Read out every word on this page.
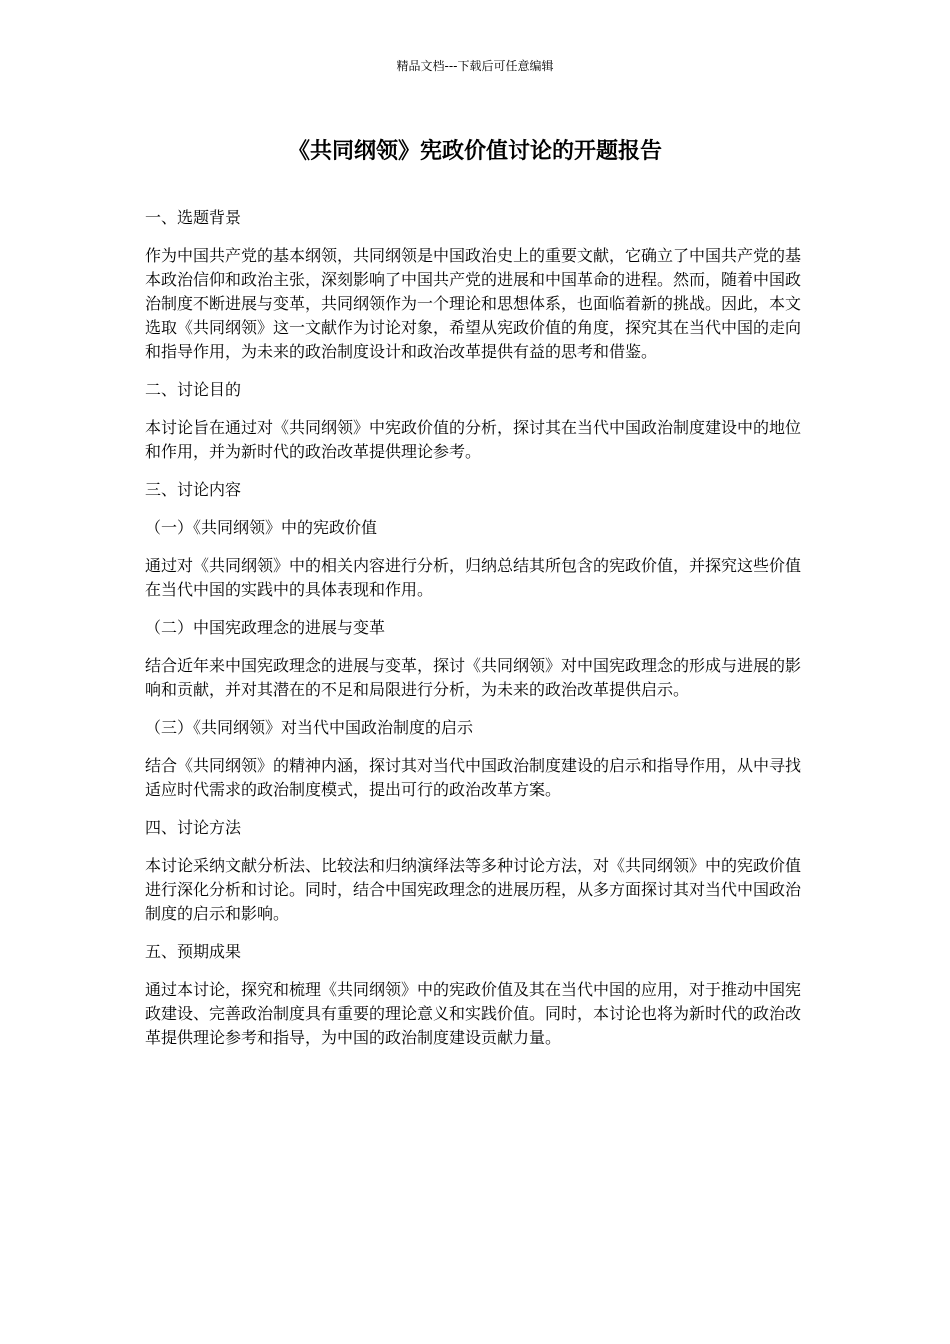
精品文档---下载后可任意编辑
《共同纲领》宪政价值讨论的开题报告
一、选题背景
作为中国共产党的基本纲领，共同纲领是中国政治史上的重要文献，它确立了中国共产党的基本政治信仰和政治主张，深刻影响了中国共产党的进展和中国革命的进程。然而，随着中国政治制度不断进展与变革，共同纲领作为一个理论和思想体系，也面临着新的挑战。因此，本文选取《共同纲领》这一文献作为讨论对象，希望从宪政价值的角度，探究其在当代中国的走向和指导作用，为未来的政治制度设计和政治改革提供有益的思考和借鉴。
二、讨论目的
本讨论旨在通过对《共同纲领》中宪政价值的分析，探讨其在当代中国政治制度建设中的地位和作用，并为新时代的政治改革提供理论参考。
三、讨论内容
（一）《共同纲领》中的宪政价值
通过对《共同纲领》中的相关内容进行分析，归纳总结其所包含的宪政价值，并探究这些价值在当代中国的实践中的具体表现和作用。
（二）中国宪政理念的进展与变革
结合近年来中国宪政理念的进展与变革，探讨《共同纲领》对中国宪政理念的形成与进展的影响和贡献，并对其潜在的不足和局限进行分析，为未来的政治改革提供启示。
（三）《共同纲领》对当代中国政治制度的启示
结合《共同纲领》的精神内涵，探讨其对当代中国政治制度建设的启示和指导作用，从中寻找适应时代需求的政治制度模式，提出可行的政治改革方案。
四、讨论方法
本讨论采纳文献分析法、比较法和归纳演绎法等多种讨论方法，对《共同纲领》中的宪政价值进行深化分析和讨论。同时，结合中国宪政理念的进展历程，从多方面探讨其对当代中国政治制度的启示和影响。
五、预期成果
通过本讨论，探究和梳理《共同纲领》中的宪政价值及其在当代中国的应用，对于推动中国宪政建设、完善政治制度具有重要的理论意义和实践价值。同时，本讨论也将为新时代的政治改革提供理论参考和指导，为中国的政治制度建设贡献力量。
